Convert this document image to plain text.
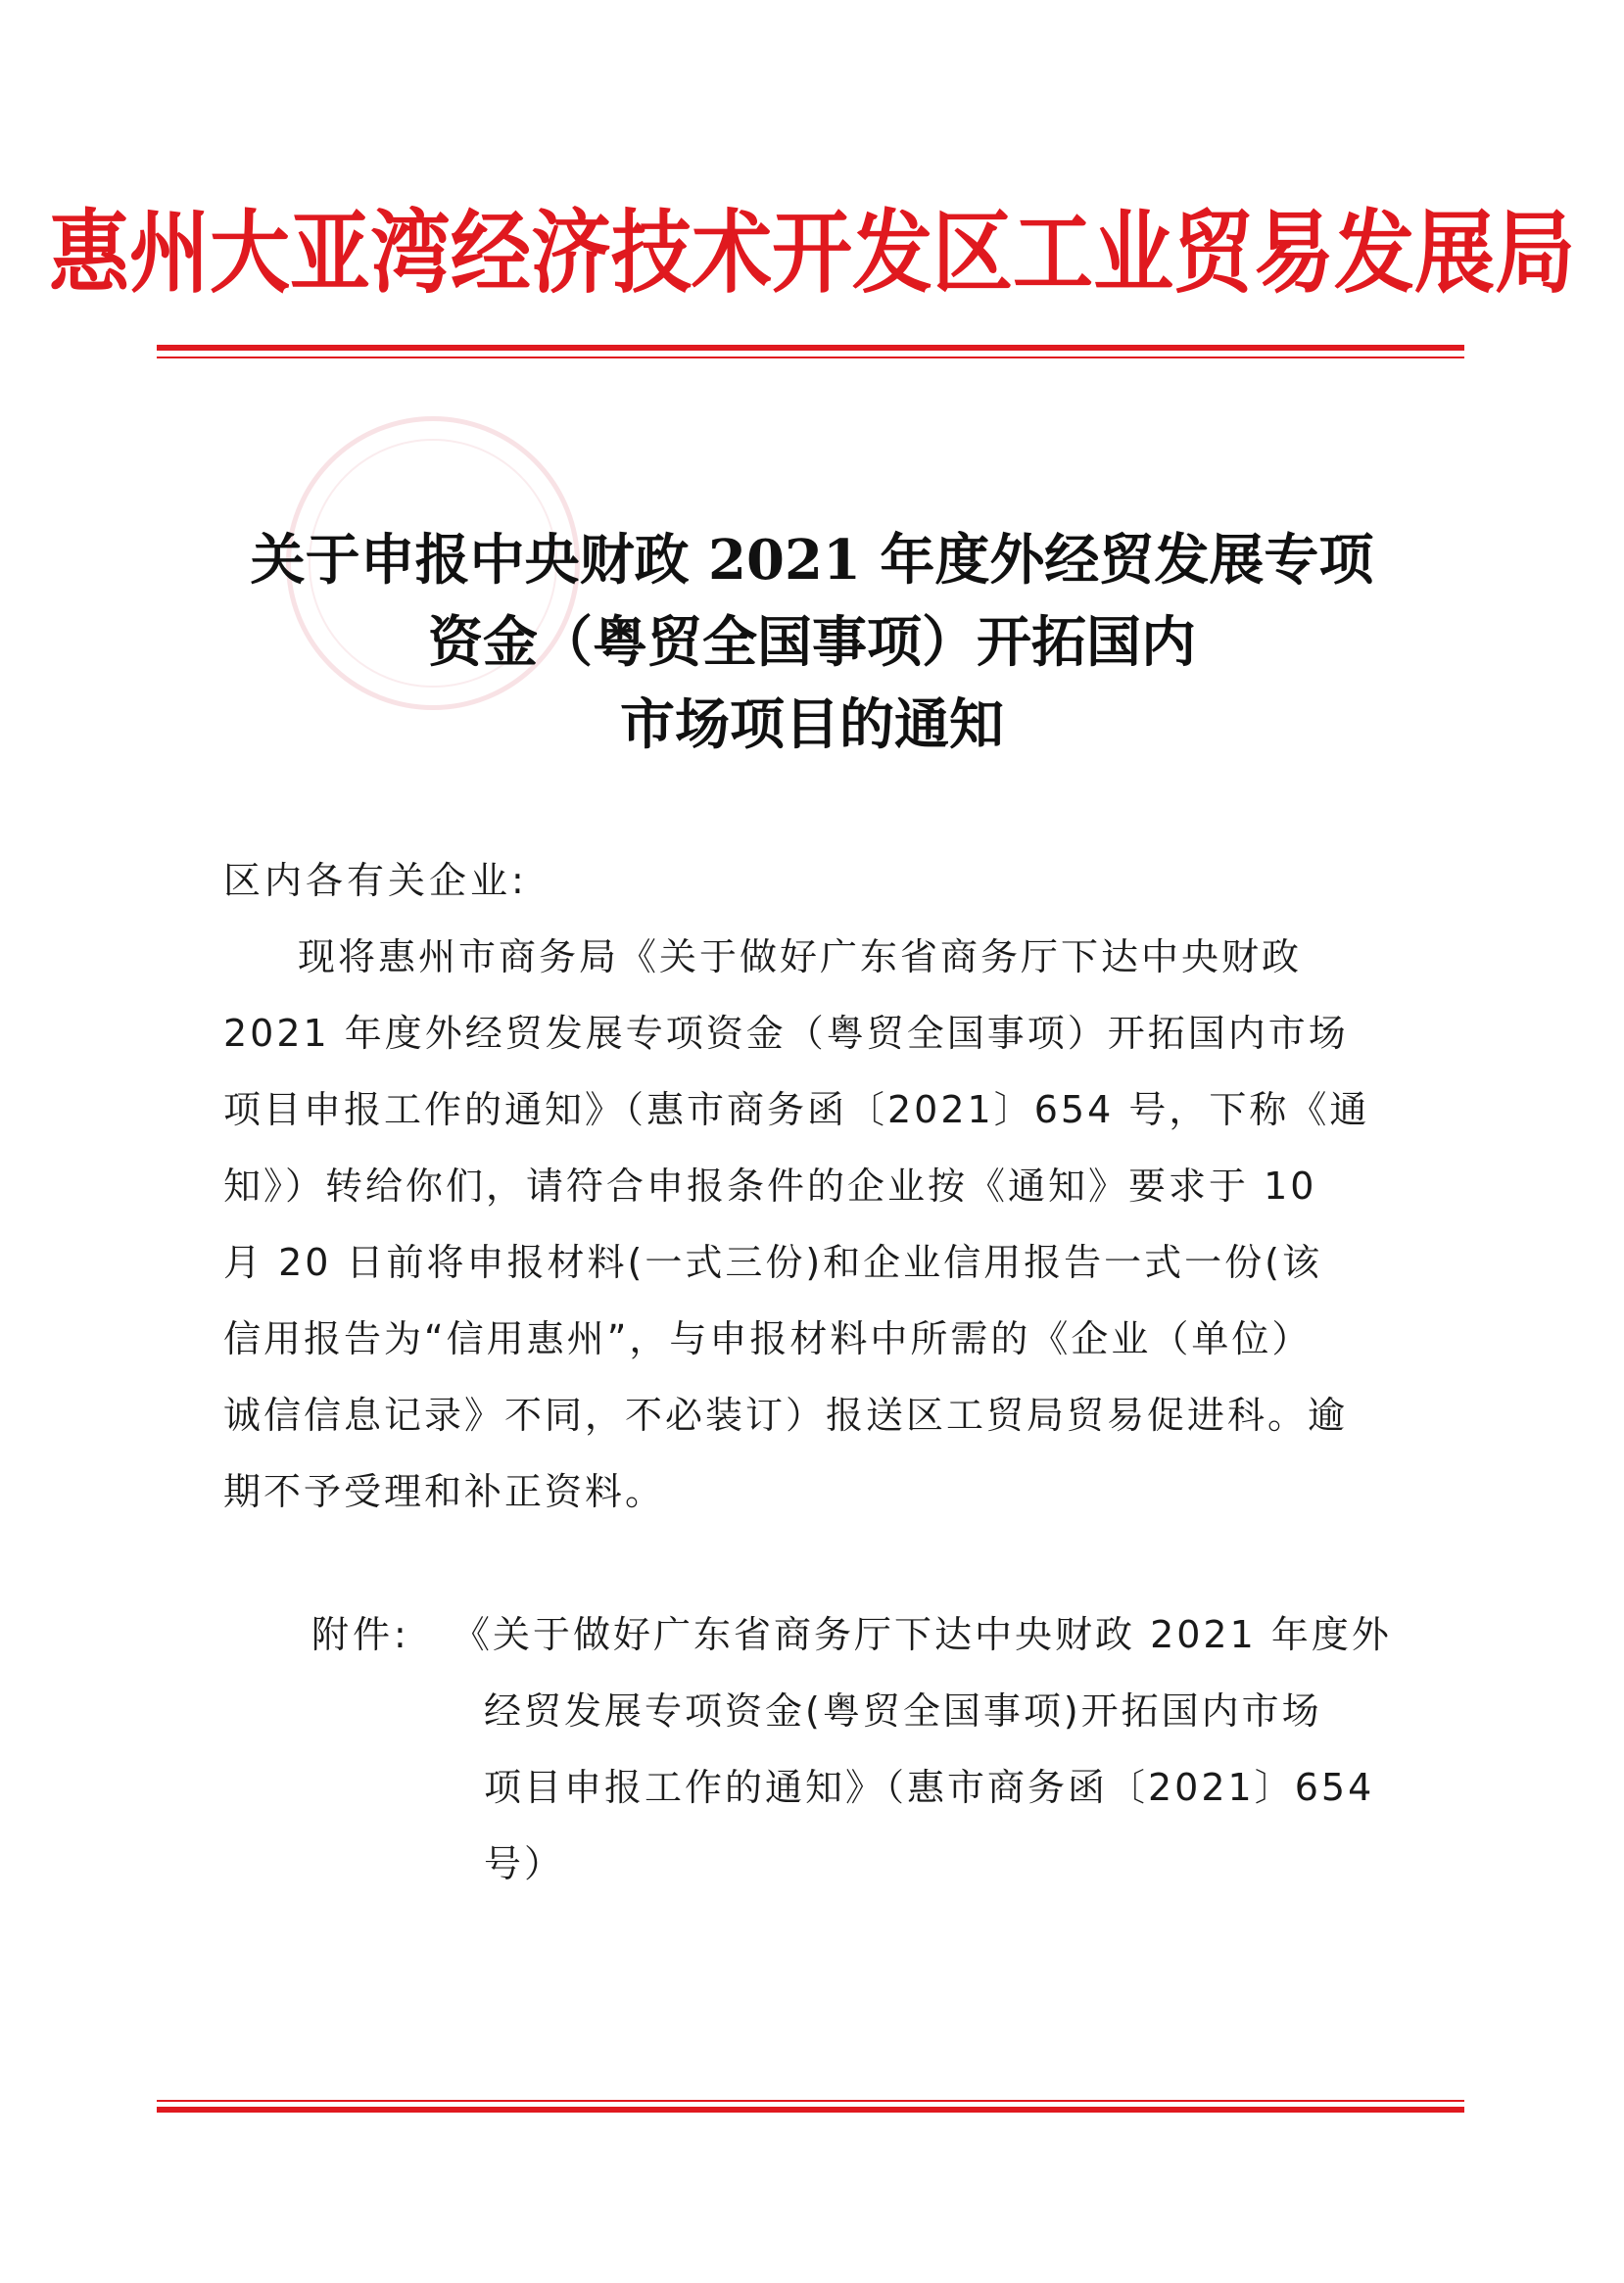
惠州大亚湾经济技术开发区工业贸易发展局
关于申报中央财政 2021 年度外经贸发展专项
资金（粤贸全国事项）开拓国内
市场项目的通知
区内各有关企业:
现将惠州市商务局《关于做好广东省商务厅下达中央财政
2021 年度外经贸发展专项资金（粤贸全国事项）开拓国内市场
项目申报工作的通知》（惠市商务函〔2021〕654 号，下称《通
知》）转给你们，请符合申报条件的企业按《通知》要求于 10
月 20 日前将申报材料(一式三份)和企业信用报告一式一份(该
信用报告为“信用惠州”，与申报材料中所需的《企业（单位）
诚信信息记录》不同，不必装订）报送区工贸局贸易促进科。逾
期不予受理和补正资料。
附件: 《关于做好广东省商务厅下达中央财政 2021 年度外
经贸发展专项资金(粤贸全国事项)开拓国内市场
项目申报工作的通知》（惠市商务函〔2021〕654
号）
